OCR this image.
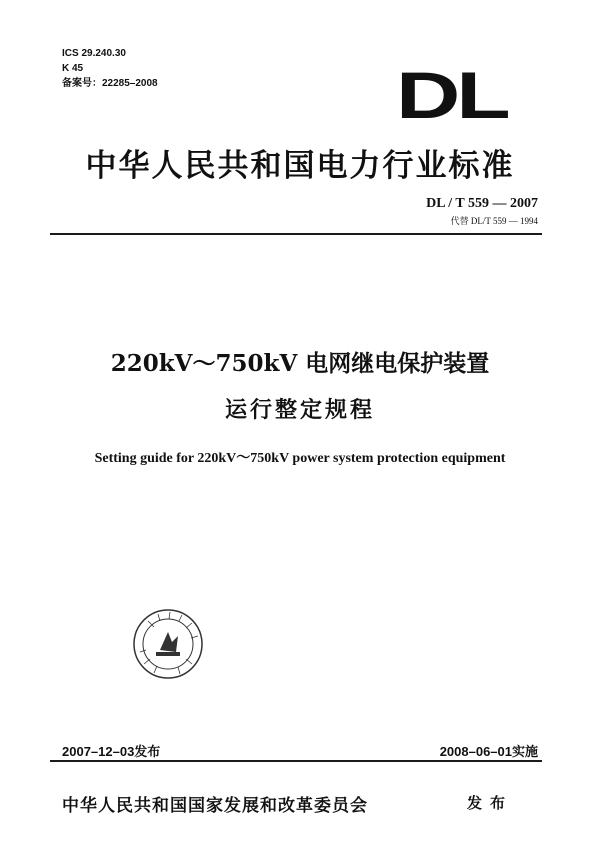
ICS 29.240.30
K 45
备案号：22285–2008	DL
中华人民共和国电力行业标准
DL / T 559 — 2007
代替 DL/T 559 — 1994
220kV～750kV 电网继电保护装置
运行整定规程
Setting guide for 220kV～750kV power system protection equipment
2007–12–03发布	2008–06–01实施
中华人民共和国国家发展和改革委员会	发布
